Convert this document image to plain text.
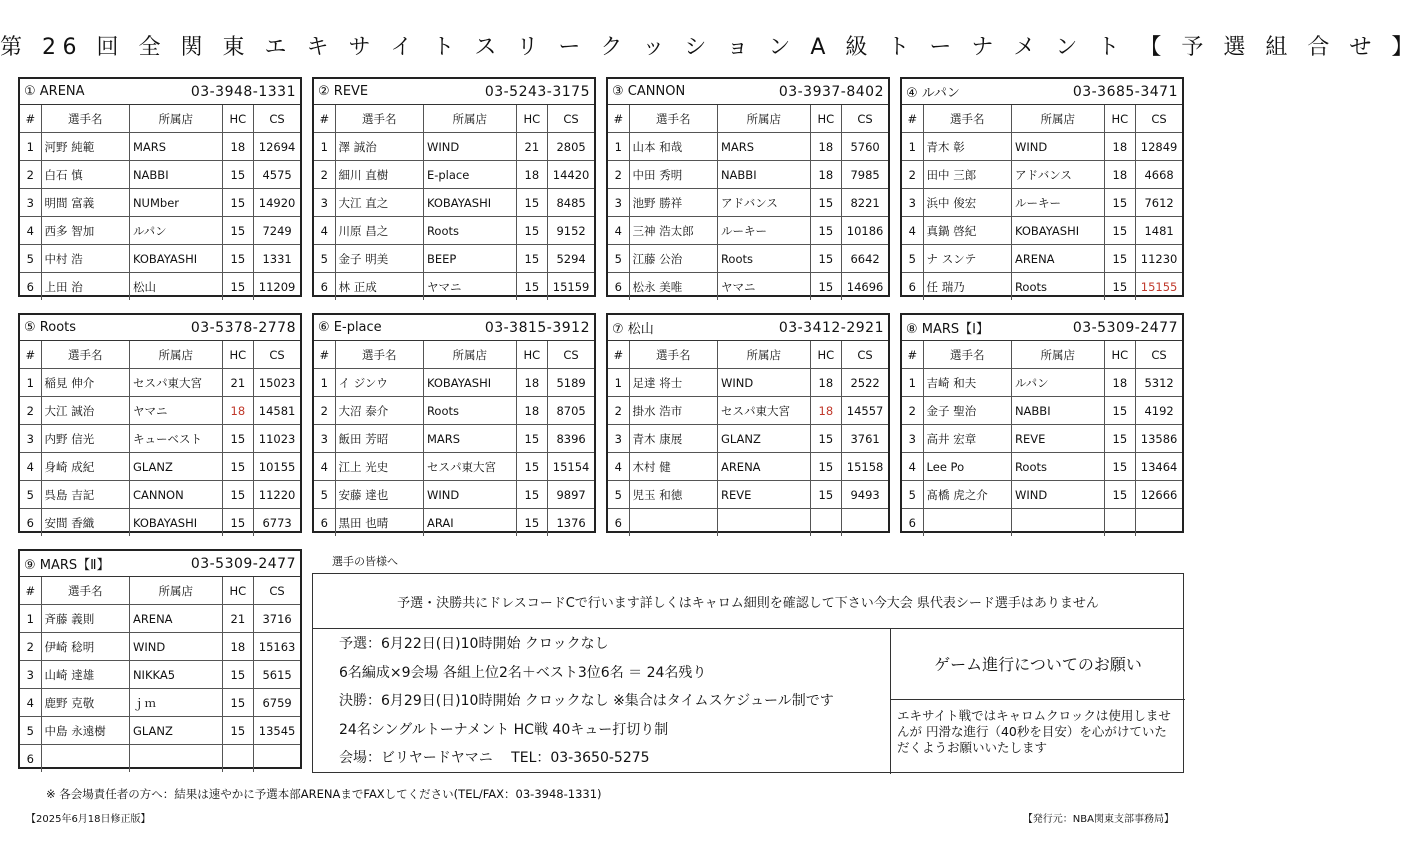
第 26 回 全 関 東 エ キ サ イ ト ス リ ー ク ッ シ ョ ン A 級 ト ー ナ メ ン ト 【 予 選 組 合 せ 】
① ARENA	03-3948-1331
#	選手名	所属店	HC	CS
1	河野 純範	MARS	18	12694
2	白石 慎	NABBI	15	4575
3	明間 富義	NUMber	15	14920
4	西多 智加	ルパン	15	7249
5	中村 浩	KOBAYASHI	15	1331
6	上田 治	松山	15	11209
② REVE	03-5243-3175
#	選手名	所属店	HC	CS
1	澤 誠治	WIND	21	2805
2	細川 直樹	E-place	18	14420
3	大江 直之	KOBAYASHI	15	8485
4	川原 昌之	Roots	15	9152
5	金子 明美	BEEP	15	5294
6	林 正成	ヤマニ	15	15159
③ CANNON	03-3937-8402
#	選手名	所属店	HC	CS
1	山本 和哉	MARS	18	5760
2	中田 秀明	NABBI	18	7985
3	池野 勝祥	アドバンス	15	8221
4	三神 浩太郎	ルーキー	15	10186
5	江藤 公治	Roots	15	6642
6	松永 美唯	ヤマニ	15	14696
④ ルパン	03-3685-3471
#	選手名	所属店	HC	CS
1	青木 彰	WIND	18	12849
2	田中 三郎	アドバンス	18	4668
3	浜中 俊宏	ルーキー	15	7612
4	真鍋 啓紀	KOBAYASHI	15	1481
5	ナ スンテ	ARENA	15	11230
6	任 瑞乃	Roots	15	15155
⑤ Roots	03-5378-2778
#	選手名	所属店	HC	CS
1	稲見 伸介	セスパ東大宮	21	15023
2	大江 誠治	ヤマニ	18	14581
3	内野 信光	キューベスト	15	11023
4	身崎 成紀	GLANZ	15	10155
5	呉島 吉記	CANNON	15	11220
6	安間 香織	KOBAYASHI	15	6773
⑥ E-place	03-3815-3912
#	選手名	所属店	HC	CS
1	イ ジンウ	KOBAYASHI	18	5189
2	大沼 泰介	Roots	18	8705
3	飯田 芳昭	MARS	15	8396
4	江上 光史	セスパ東大宮	15	15154
5	安藤 達也	WIND	15	9897
6	黒田 也晴	ARAI	15	1376
⑦ 松山	03-3412-2921
#	選手名	所属店	HC	CS
1	足達 将士	WIND	18	2522
2	掛水 浩市	セスパ東大宮	18	14557
3	青木 康展	GLANZ	15	3761
4	木村 健	ARENA	15	15158
5	児玉 和徳	REVE	15	9493
6				
⑧ MARS【Ⅰ】	03-5309-2477
#	選手名	所属店	HC	CS
1	吉崎 和夫	ルパン	18	5312
2	金子 聖治	NABBI	15	4192
3	高井 宏章	REVE	15	13586
4	Lee Po	Roots	15	13464
5	髙橋 虎之介	WIND	15	12666
6				
⑨ MARS【Ⅱ】	03-5309-2477
#	選手名	所属店	HC	CS
1	斉藤 義則	ARENA	21	3716
2	伊崎 稔明	WIND	18	15163
3	山崎 達雄	NIKKA5	15	5615
4	鹿野 克敬	ｊｍ	15	6759
5	中島 永遠樹	GLANZ	15	13545
6				
選手の皆様へ
予選・決勝共にドレスコードCで行います詳しくはキャロム細則を確認して下さい今大会 県代表シード選手はありません
予選：6月22日(日)10時開始 クロックなし
6名編成×9会場 各組上位2名＋ベスト3位6名 ＝ 24名残り
決勝：6月29日(日)10時開始 クロックなし ※集合はタイムスケジュール制です
24名シングルトーナメント HC戦 40キュー打切り制
会場：ビリヤードヤマニ　 TEL：03-3650-5275
ゲーム進行についてのお願い
エキサイト戦ではキャロムクロックは使用しませんが 円滑な進行（40秒を目安）を心がけていただくようお願いいたします
※ 各会場責任者の方へ：結果は速やかに予選本部ARENAまでFAXしてください(TEL/FAX：03-3948-1331)
【2025年6月18日修正版】	【発行元：NBA関東支部事務局】
